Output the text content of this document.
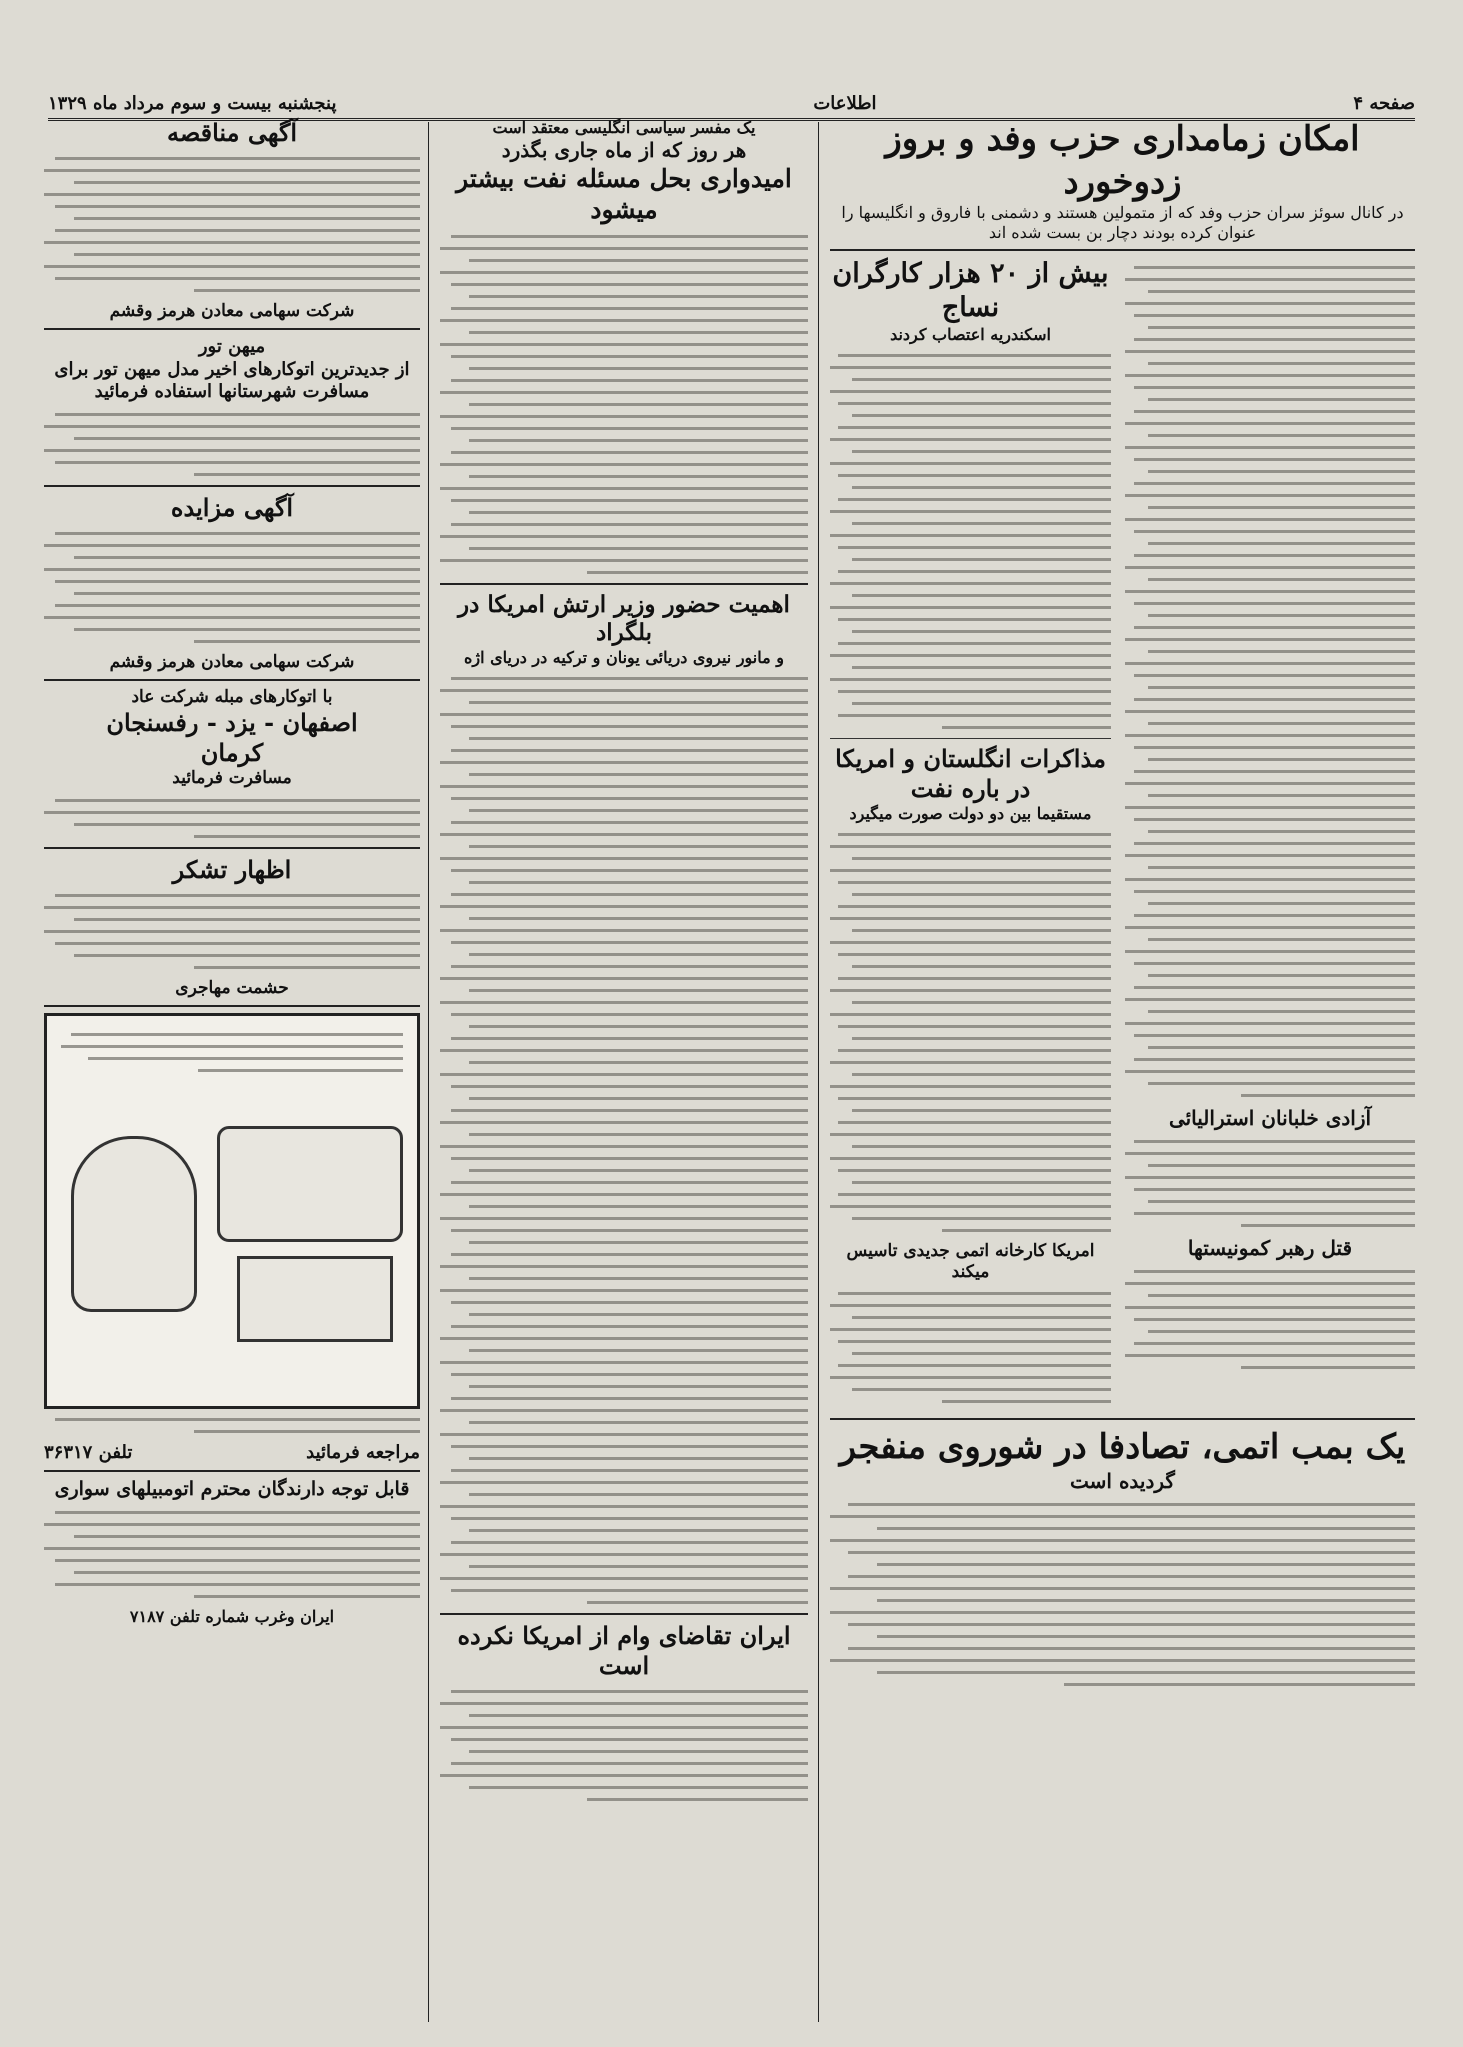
صفحه ۴
اطلاعات
پنجشنبه بیست و سوم مرداد ماه ۱۳۲۹
امکان زمامداری حزب وفد و بروز زدوخورد

در کانال سوئز سران حزب وفد که از متمولین هستند و دشمنی با فاروق و انگلیسها را عنوان کرده بودند دچار بن بست شده اند

آزادی خلبانان استرالیائی
قتل رهبر کمونیستها
بیش از ۲۰ هزار کارگران نساج

اسکندریه اعتصاب کردند

مذاکرات انگلستان و امریکا در باره نفت

مستقیما بین دو دولت صورت میگیرد

امریکا کارخانه اتمی جدیدی تاسیس میکند
یک بمب اتمی، تصادفا در شوروی منفجر

گردیده است

یک مفسر سیاسی انگلیسی معتقد است

هر روز که از ماه جاری بگذرد

امیدواری بحل مسئله نفت بیشتر میشود
اهمیت حضور وزیر ارتش امریکا در بلگراد

و مانور نیروی دریائی یونان و ترکیه در دریای اژه

ایران تقاضای وام از امریکا نکرده است
آگهی مناقصه

شرکت سهامی معادن هرمز وقشم

میهن تور

از جدیدترین اتوکارهای اخیر مدل میهن تور برای مسافرت شهرستانها استفاده فرمائید
آگهی مزایده

شرکت سهامی معادن هرمز وقشم

با اتوکارهای مبله شرکت عاد

اصفهان - یزد - رفسنجان
کرمان

مسافرت فرمائید

اظهار تشکر

حشمت مهاجری

مراجعه فرمائید
تلفن ۳۶۳۱۷
قابل توجه دارندگان محترم اتومبیلهای سواری

ایران وغرب شماره تلفن ۷۱۸۷
